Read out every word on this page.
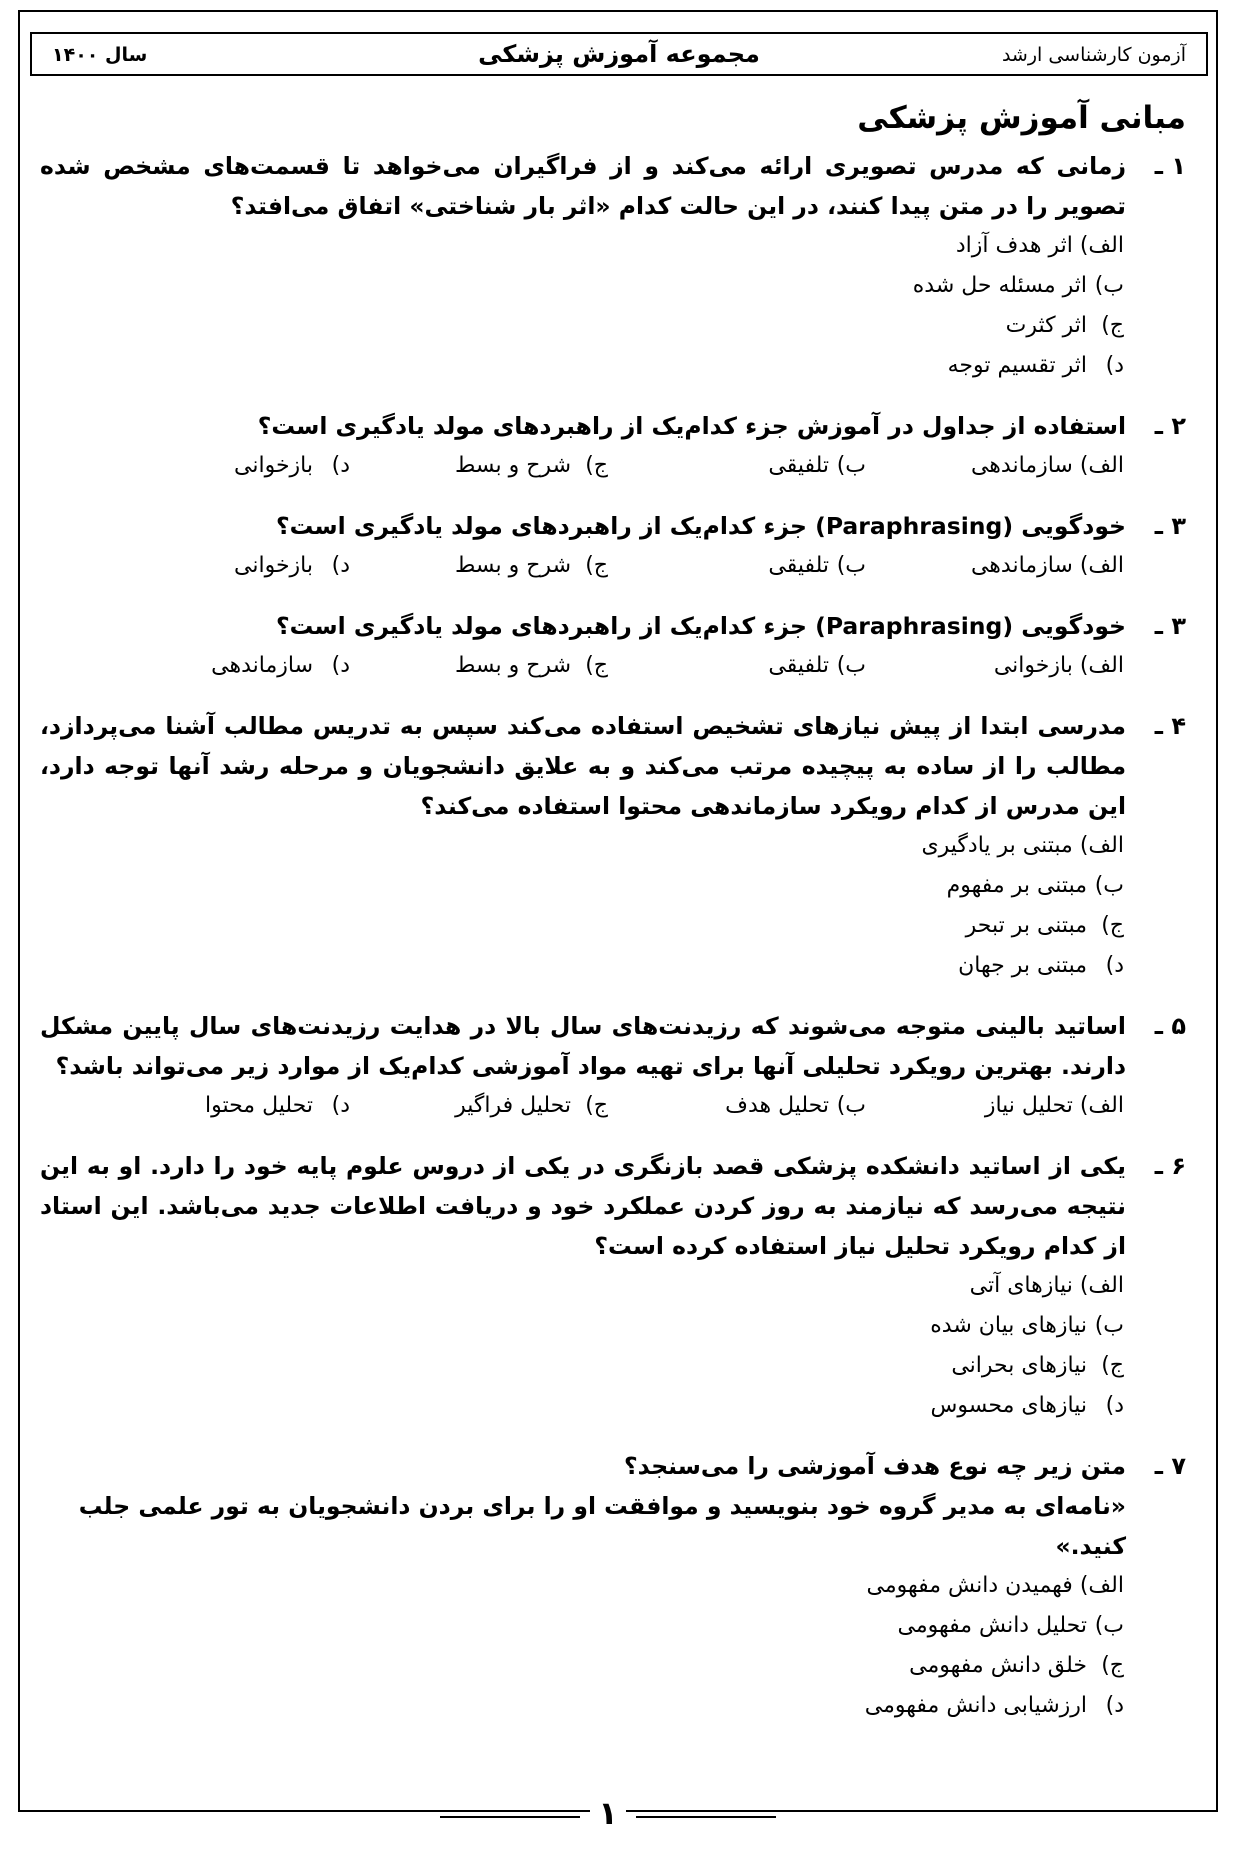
آزمون کارشناسی ارشد
مجموعه آموزش پزشکی
سال ۱۴۰۰
مبانی آموزش پزشکی
۱ ـ
زمانی که مدرس تصویری ارائه می‌کند و از فراگیران می‌خواهد تا قسمت‌های مشخص شده تصویر را در متن پیدا کنند، در این حالت کدام «اثر بار شناختی» اتفاق می‌افتد؟
الف) اثر هدف آزاد
ب) اثر مسئله حل شده
ج) اثر کثرت
د) اثر تقسیم توجه
۲ ـ
استفاده از جداول در آموزش جزء کدام‌یک از راهبردهای مولد یادگیری است؟
الف) سازماندهی
ب) تلفیقی
ج) شرح و بسط
د) بازخوانی
۳ ـ
خودگویی (Paraphrasing) جزء کدام‌یک از راهبردهای مولد یادگیری است؟
الف) سازماندهی
ب) تلفیقی
ج) شرح و بسط
د) بازخوانی
۳ ـ
خودگویی (Paraphrasing) جزء کدام‌یک از راهبردهای مولد یادگیری است؟
الف) بازخوانی
ب) تلفیقی
ج) شرح و بسط
د) سازماندهی
۴ ـ
مدرسی ابتدا از پیش نیازهای تشخیص استفاده می‌کند سپس به تدریس مطالب آشنا می‌پردازد، مطالب را از ساده به پیچیده مرتب می‌کند و به علایق دانشجویان و مرحله رشد آنها توجه دارد، این مدرس از کدام رویکرد سازماندهی محتوا استفاده می‌کند؟
الف) مبتنی بر یادگیری
ب) مبتنی بر مفهوم
ج) مبتنی بر تبحر
د) مبتنی بر جهان
۵ ـ
اساتید بالینی متوجه می‌شوند که رزیدنت‌های سال بالا در هدایت رزیدنت‌های سال پایین مشکل دارند. بهترین رویکرد تحلیلی آنها برای تهیه مواد آموزشی کدام‌یک از موارد زیر می‌تواند باشد؟
الف) تحلیل نیاز
ب) تحلیل هدف
ج) تحلیل فراگیر
د) تحلیل محتوا
۶ ـ
یکی از اساتید دانشکده پزشکی قصد بازنگری در یکی از دروس علوم پایه خود را دارد. او به این نتیجه می‌رسد که نیازمند به روز کردن عملکرد خود و دریافت اطلاعات جدید می‌باشد. این استاد از کدام رویکرد تحلیل نیاز استفاده کرده است؟
الف) نیازهای آتی
ب) نیازهای بیان شده
ج) نیازهای بحرانی
د) نیازهای محسوس
۷ ـ
متن زیر چه نوع هدف آموزشی را می‌سنجد؟
«نامه‌ای به مدیر گروه خود بنویسید و موافقت او را برای بردن دانشجویان به تور علمی جلب کنید.»
الف) فهمیدن دانش مفهومی
ب) تحلیل دانش مفهومی
ج) خلق دانش مفهومی
د) ارزشیابی دانش مفهومی
۱
